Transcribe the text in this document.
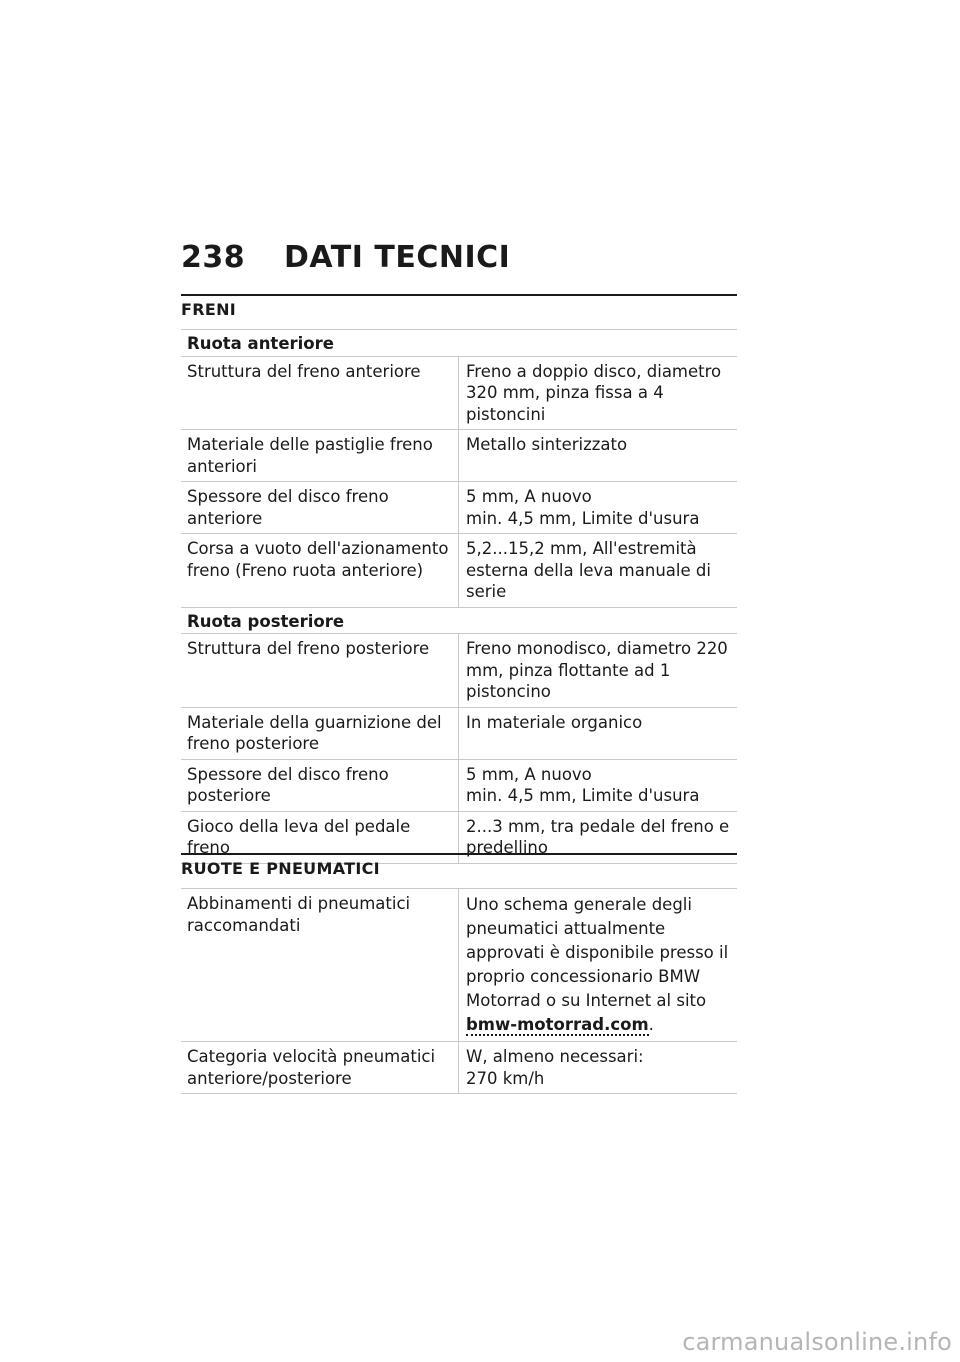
238 DATI TECNICI
FRENI
Ruota anteriore
Struttura del freno anteriore	Freno a doppio disco, diametro 320 mm, pinza fissa a 4 pistoncini
Materiale delle pastiglie freno anteriori
Metallo sinterizzato
Spessore del disco freno anteriore
5 mm, A nuovo
min. 4,5 mm, Limite d'usura
Corsa a vuoto dell'azionamento freno (Freno ruota anteriore)
5,2...15,2 mm, All'estremità esterna della leva manuale di serie
Ruota posteriore
Struttura del freno posteriore	Freno monodisco, diametro 220 mm, pinza flottante ad 1 pistoncino
Materiale della guarnizione del freno posteriore
In materiale organico
Spessore del disco freno posteriore
5 mm, A nuovo
min. 4,5 mm, Limite d'usura
Gioco della leva del pedale freno
2...3 mm, tra pedale del freno e predellino
RUOTE E PNEUMATICI
Abbinamenti di pneumatici raccomandati
Uno schema generale degli pneumatici attualmente approvati è disponibile presso il proprio concessionario BMW Motorrad o su Internet al sito bmw-motorrad.com.
Categoria velocità pneumatici anteriore/posteriore
W, almeno necessari:
270 km/h
carmanualsonline.info
